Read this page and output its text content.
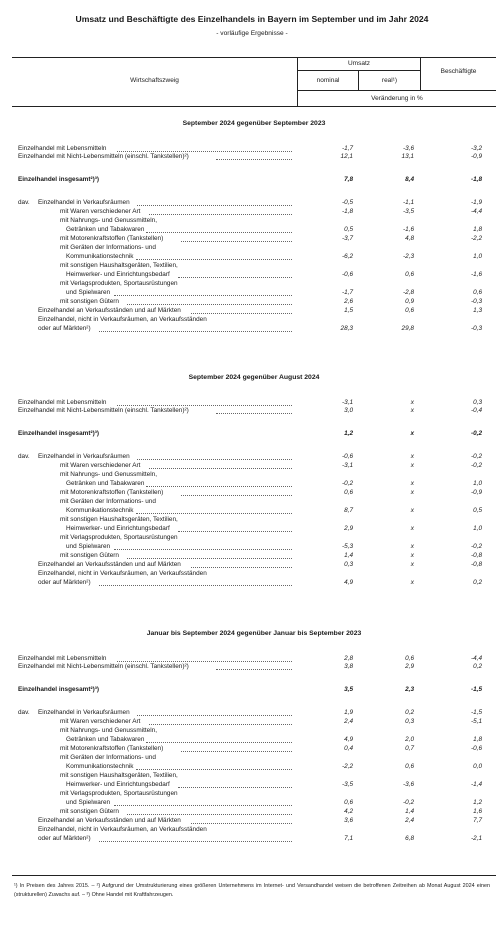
Umsatz und Beschäftigte des Einzelhandels in Bayern im September und im Jahr 2024
- vorläufige Ergebnisse -
Wirtschaftszweig
Umsatz
nominal	real¹)
Beschäftigte
Veränderung in %
September 2024 gegenüber September 2023
dav.
Einzelhandel mit Lebensmitteln	-1,7	-3,6	-3,2
Einzelhandel mit Nicht-Lebensmitteln (einschl. Tankstellen)²)	12,1	13,1	-0,9
Einzelhandel insgesamt²)³)	7,8	8,4	-1,8
Einzelhandel in Verkaufsräumen	-0,5	-1,1	-1,9
mit Waren verschiedener Art	-1,8	-3,5	-4,4
mit Nahrungs- und Genussmitteln,
Getränken und Tabakwaren	0,5	-1,6	1,8
mit Motorenkraftstoffen (Tankstellen)	-3,7	4,8	-2,2
mit Geräten der Informations- und
Kommunikationstechnik	-6,2	-2,3	1,0
mit sonstigen Haushaltsgeräten, Textilien,
Heimwerker- und Einrichtungsbedarf	-0,6	0,6	-1,6
mit Verlagsprodukten, Sportausrüstungen
und Spielwaren	-1,7	-2,8	0,6
mit sonstigen Gütern	2,6	0,9	-0,3
Einzelhandel an Verkaufsständen und auf Märkten	1,5	0,6	1,3
Einzelhandel, nicht in Verkaufsräumen, an Verkaufsständen
oder auf Märkten²)	28,3	29,8	-0,3
September 2024 gegenüber August 2024
dav.
Einzelhandel mit Lebensmitteln	-3,1	x	0,3
Einzelhandel mit Nicht-Lebensmitteln (einschl. Tankstellen)²)	3,0	x	-0,4
Einzelhandel insgesamt²)³)	1,2	x	-0,2
Einzelhandel in Verkaufsräumen	-0,6	x	-0,2
mit Waren verschiedener Art	-3,1	x	-0,2
mit Nahrungs- und Genussmitteln,
Getränken und Tabakwaren	-0,2	x	1,0
mit Motorenkraftstoffen (Tankstellen)	0,6	x	-0,9
mit Geräten der Informations- und
Kommunikationstechnik	8,7	x	0,5
mit sonstigen Haushaltsgeräten, Textilien,
Heimwerker- und Einrichtungsbedarf	2,9	x	1,0
mit Verlagsprodukten, Sportausrüstungen
und Spielwaren	-5,3	x	-0,2
mit sonstigen Gütern	1,4	x	-0,8
Einzelhandel an Verkaufsständen und auf Märkten	0,3	x	-0,8
Einzelhandel, nicht in Verkaufsräumen, an Verkaufsständen
oder auf Märkten²)	4,9	x	0,2
Januar bis September 2024 gegenüber Januar bis September 2023
dav.
Einzelhandel mit Lebensmitteln	2,8	0,6	-4,4
Einzelhandel mit Nicht-Lebensmitteln (einschl. Tankstellen)²)	3,8	2,9	0,2
Einzelhandel insgesamt²)³)	3,5	2,3	-1,5
Einzelhandel in Verkaufsräumen	1,9	0,2	-1,5
mit Waren verschiedener Art	2,4	0,3	-5,1
mit Nahrungs- und Genussmitteln,
Getränken und Tabakwaren	4,9	2,0	1,8
mit Motorenkraftstoffen (Tankstellen)	0,4	0,7	-0,6
mit Geräten der Informations- und
Kommunikationstechnik	-2,2	0,6	0,0
mit sonstigen Haushaltsgeräten, Textilien,
Heimwerker- und Einrichtungsbedarf	-3,5	-3,6	-1,4
mit Verlagsprodukten, Sportausrüstungen
und Spielwaren	0,6	-0,2	1,2
mit sonstigen Gütern	4,2	1,4	1,6
Einzelhandel an Verkaufsständen und auf Märkten	3,6	2,4	7,7
Einzelhandel, nicht in Verkaufsräumen, an Verkaufsständen
oder auf Märkten²)	7,1	6,8	-2,1
¹) In Preisen des Jahres 2015. – ²) Aufgrund der Umstrukturierung eines größeren Unternehmens im Internet- und Versandhandel weisen die betroffenen Zeitreihen ab Monat August 2024 einen (strukturellen) Zuwachs auf. – ³) Ohne Handel mit Kraftfahrzeugen.
